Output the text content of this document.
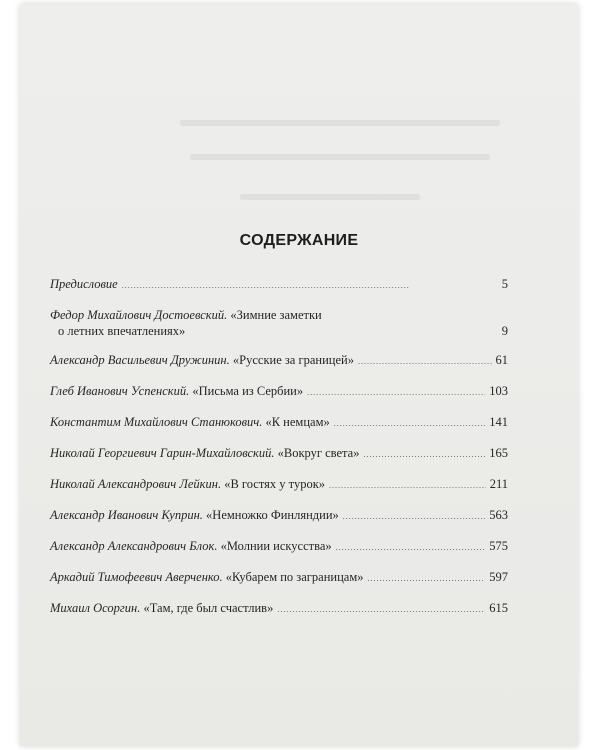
СОДЕРЖАНИЕ
Предисловие . . .	5
Федор Михайлович Достоевский. «Зимние заметки
о летних впечатлениях»	9
Александр Васильевич Дружинин. «Русские за границей» . . .	61
Глеб Иванович Успенский. «Письма из Сербии» . . .	103
Константим Михайлович Станюкович. «К немцам» . . .	141
Николай Георгиевич Гарин-Михайловский. «Вокруг света» . . .	165
Николай Александрович Лейкин. «В гостях у турок» . . .	211
Александр Иванович Куприн. «Немножко Финляндии» . . .	563
Александр Александрович Блок. «Молнии искусства» . . .	575
Аркадий Тимофеевич Аверченко. «Кубарем по заграницам» . . .	597
Михаил Осоргин. «Там, где был счастлив» . . .	615
